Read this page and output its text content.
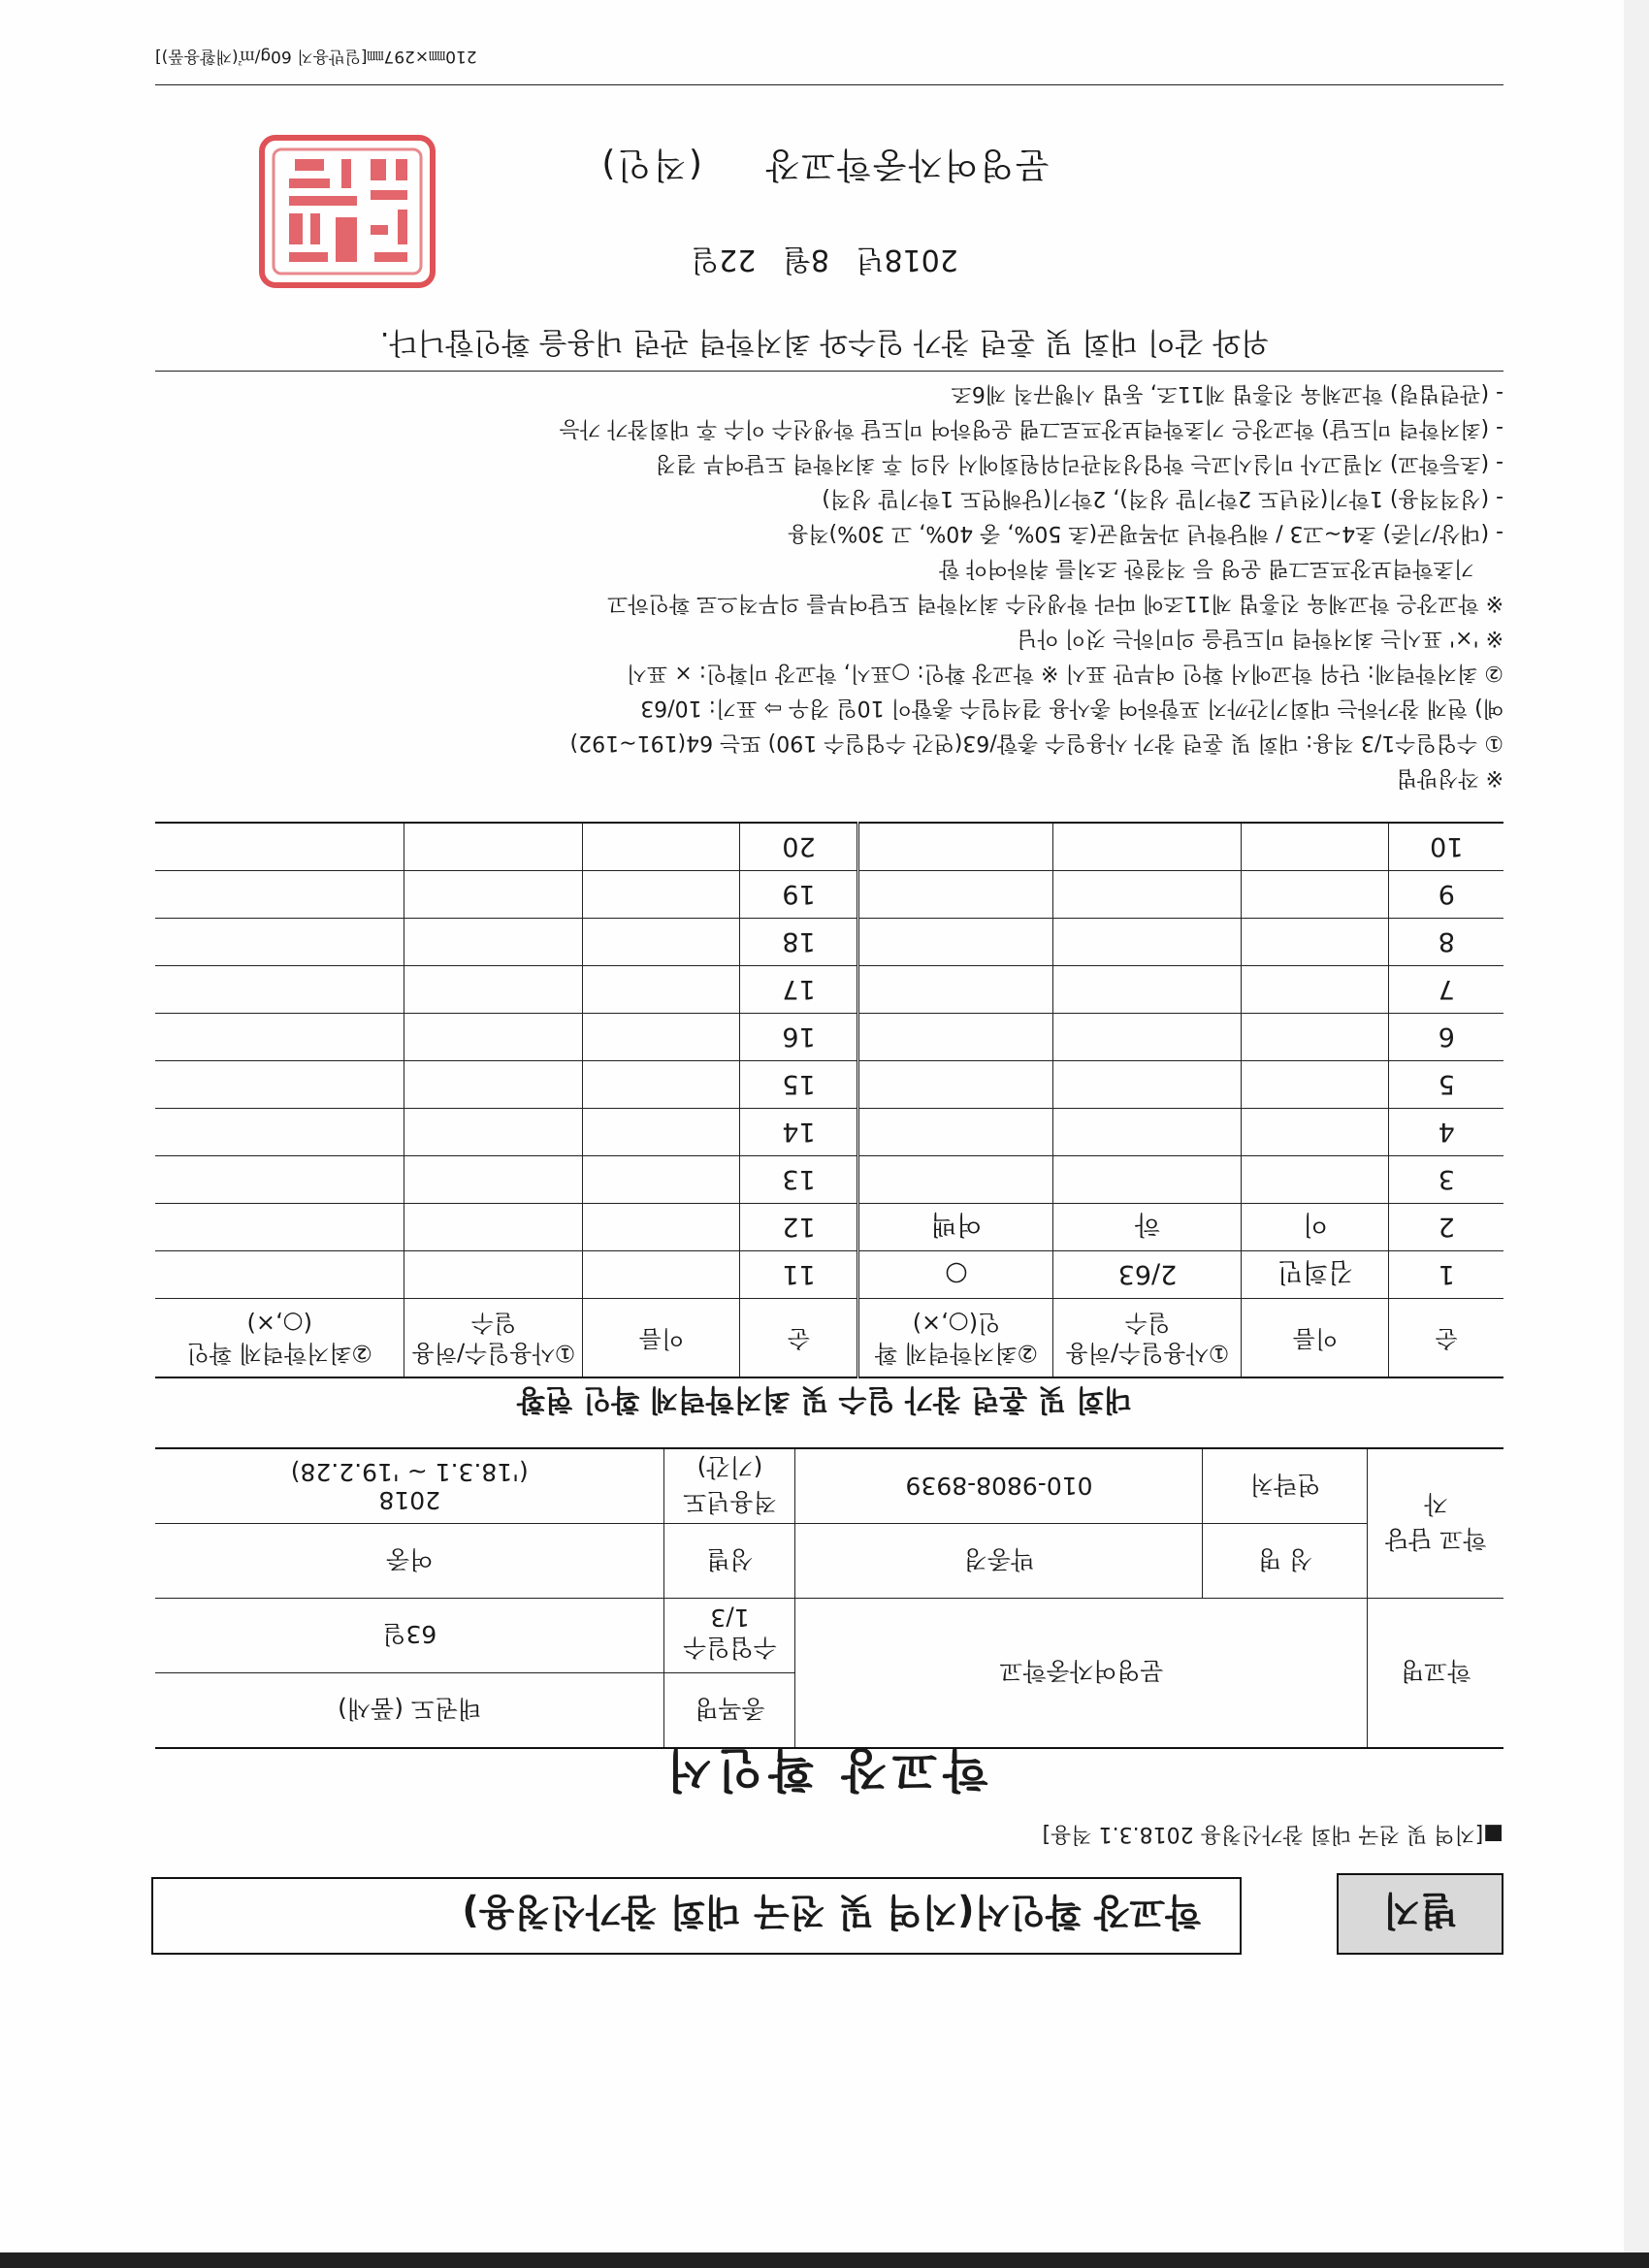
별지
학교장 확인서(지역 및 전국 대회 참가신청용)
■[지역 및 전국 대회 참가신청용 2018.3.1 적용]
학교장 확인서
학교명	문영여자중학교		종목명	태권도 (품새)
			수업일수 1/3	63일
학교 담당자	성 명	박종경	성별	여중
	연락처	010-9808-8939	적용년도 (기간)	2018
('18.3.1 ~ '19.2.28)
대회 및 훈련 참가 일수 및 최저학력제 확인 현황
순	이름	①사용일수/허용일수	②최저학력제 확인(○,×)	순	이름	①사용일수/허용일수	②최저학력제 확인(○,×)
1	김희민	2/63	○	11			
2	이	하	여백	12			
3				13			
4				14			
5				15			
6				16			
7				17			
8				18			
9				19			
10				20			
※ 작성방법
① 수업일수1/3 적용: 대회 및 훈련 참가 사용일수 총합/63(연간 수업일수 190) 또는 64(191~192)
예) 현재 참가하는 대회기간까지 포함하여 총사용 결석일수 총합이 10일 경우 ⇨ 표기: 10/63
② 최저학력제: 단위 학교에서 확인 여부만 표시 ※ 학교장 확인: ○표시, 학교장 미확인: × 표시
※ '×' 표시는 최저학력 미도달을 의미하는 것이 아님
※ 학교장은 학교체육 진흥법 제11조에 따라 학생선수 최저학력 도달여부를 의무적으로 확인하고
기초학력보장프로그램 운영 등 적절한 조치를 취하여야 함
- (대상/기준) 초4~고3 / 해당학년 과목평균(초 50%, 중 40%, 고 30%)적용
- (성적적용) 1학기(전년도 2학기말 성적), 2학기(당해연도 1학기말 성적)
- (초등학교) 지필고사 미실시교는 학업성적관리위원회에서 심의 후 최저학력 도달여부 결정
- (최저학력 미도달) 학교장은 기초학력보장프로그램 운영하여 미도달 학생선수 이수 후 대회참가 가능
- (관련법령) 학교체육 진흥법 제11조, 동법 시행규칙 제6조
위와 같이 대회 및 훈련 참가 일수와 최저학력 관련 내용을 확인합니다.
2018년 8월 22일
문영여자중학교장 (직인)
210㎜×297㎜[일반용지 60g/㎡(재활용품)]
